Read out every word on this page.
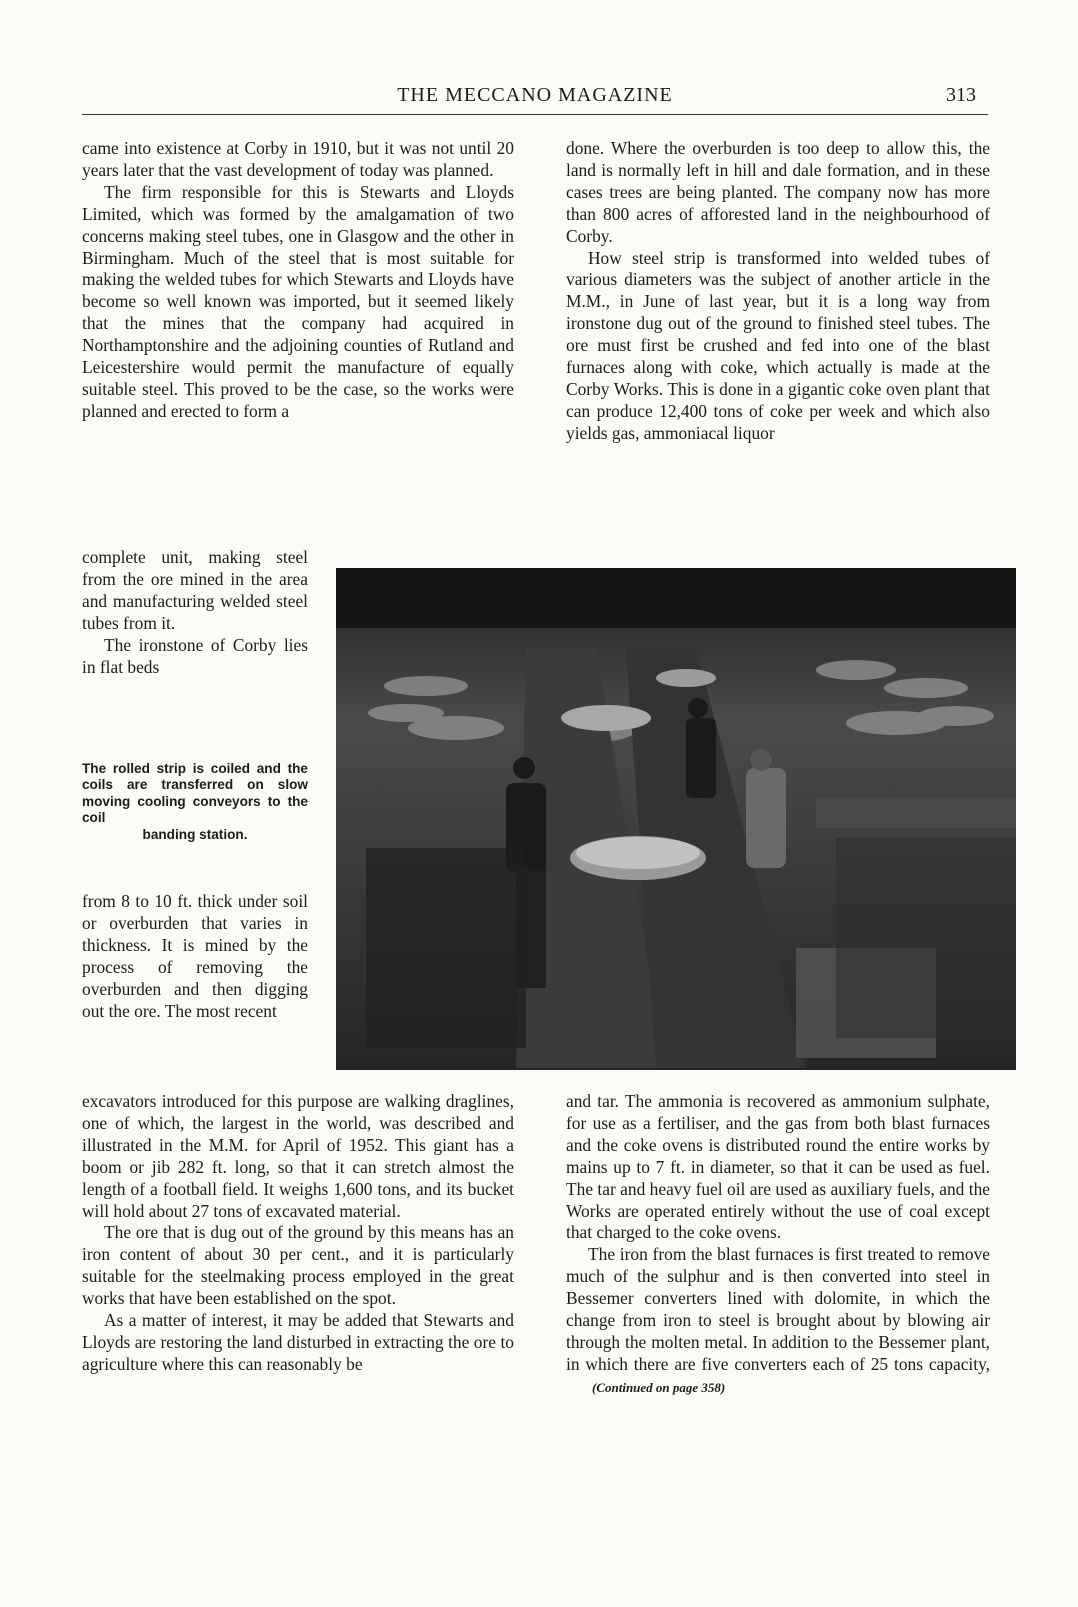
THE MECCANO MAGAZINE	313

came into existence at Corby in 1910, but it was not until 20 years later that the vast development of today was planned.

The firm responsible for this is Stewarts and Lloyds Limited, which was formed by the amalgamation of two concerns making steel tubes, one in Glasgow and the other in Birmingham. Much of the steel that is most suitable for making the welded tubes for which Stewarts and Lloyds have become so well known was imported, but it seemed likely that the mines that the company had acquired in Northamptonshire and the adjoining counties of Rutland and Leicestershire would permit the manufacture of equally suitable steel. This proved to be the case, so the works were planned and erected to form a

complete unit, making steel from the ore mined in the area and manufacturing welded steel tubes from it.

The ironstone of Corby lies in flat beds

The rolled strip is coiled and the coils are transferred on slow moving cooling conveyors to the coil
banding station.

from 8 to 10 ft. thick under soil or overburden that varies in thickness. It is mined by the process of removing the overburden and then digging out the ore. The most recent

excavators introduced for this purpose are walking draglines, one of which, the largest in the world, was described and illustrated in the M.M. for April of 1952. This giant has a boom or jib 282 ft. long, so that it can stretch almost the length of a football field. It weighs 1,600 tons, and its bucket will hold about 27 tons of excavated material.

The ore that is dug out of the ground by this means has an iron content of about 30 per cent., and it is particularly suitable for the steelmaking process employed in the great works that have been established on the spot.

As a matter of interest, it may be added that Stewarts and Lloyds are restoring the land disturbed in extracting the ore to agriculture where this can reasonably be

done. Where the overburden is too deep to allow this, the land is normally left in hill and dale formation, and in these cases trees are being planted. The company now has more than 800 acres of afforested land in the neighbourhood of Corby.

How steel strip is transformed into welded tubes of various diameters was the subject of another article in the M.M., in June of last year, but it is a long way from ironstone dug out of the ground to finished steel tubes. The ore must first be crushed and fed into one of the blast furnaces along with coke, which actually is made at the Corby Works. This is done in a gigantic coke oven plant that can produce 12,400 tons of coke per week and which also yields gas, ammoniacal liquor

and tar. The ammonia is recovered as ammonium sulphate, for use as a fertiliser, and the gas from both blast furnaces and the coke ovens is distributed round the entire works by mains up to 7 ft. in diameter, so that it can be used as fuel. The tar and heavy fuel oil are used as auxiliary fuels, and the Works are operated entirely without the use of coal except that charged to the coke ovens.

The iron from the blast furnaces is first treated to remove much of the sulphur and is then converted into steel in Bessemer converters lined with dolomite, in which the change from iron to steel is brought about by blowing air through the molten metal. In addition to the Bessemer plant, in which there are five converters each of 25 tons capacity,(Continued on page 358)
